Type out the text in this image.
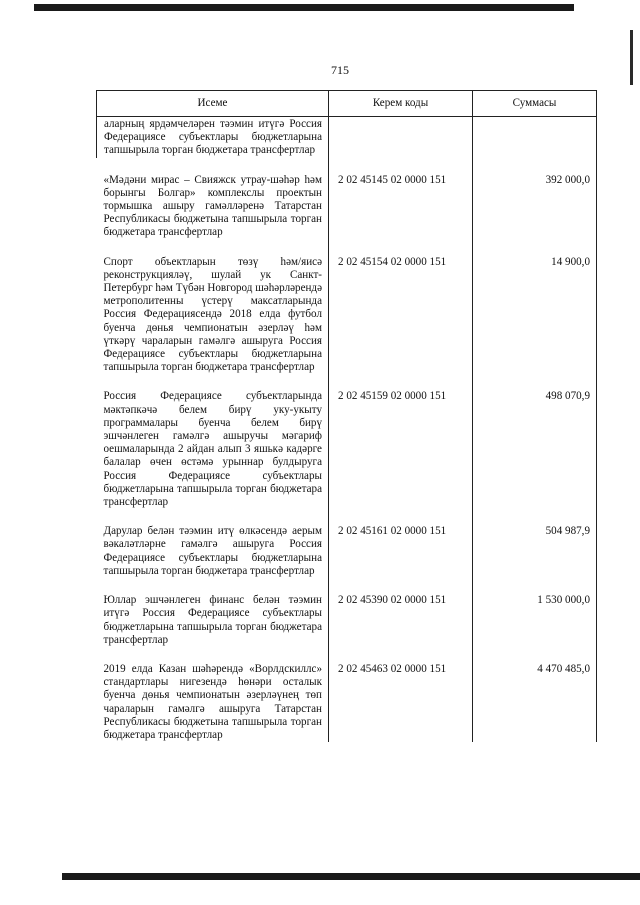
715
Исеме	Керем коды	Суммасы
аларның ярдәмчеләрен тәэмин итүгә Россия Федерациясе субъектлары бюджетларына тапшырыла торган бюджетара трансфертлар		

«Мәдәни мирас – Свияжск утрау-шәһәр һәм борынгы Болгар» комплекслы проектын тормышка ашыру гамәлләренә Татарстан Республикасы бюджетына тапшырыла торган бюджетара трансфертлар	2 02 45145 02 0000 151	392 000,0

Спорт объектларын төзү һәм/яисә реконструкцияләү, шулай ук Санкт-Петербург һәм Түбән Новгород шәһәрләрендә метрополитенны үстерү максатларында Россия Федерациясендә 2018 елда футбол буенча дөнья чемпионатын әзерләү һәм үткәрү чараларын гамәлгә ашыруга Россия Федерациясе субъектлары бюджетларына тапшырыла торган бюджетара трансфертлар	2 02 45154 02 0000 151	14 900,0

Россия Федерациясе субъектларында мәктәпкәчә белем бирү уку-укыту программалары буенча белем бирү эшчәнлеген гамәлгә ашыручы мәгариф оешмаларында 2 айдан алып 3 яшькә кадәрге балалар өчен өстәмә урыннар булдыруга Россия Федерациясе субъектлары бюджетларына тапшырыла торган бюджетара трансфертлар	2 02 45159 02 0000 151	498 070,9

Дарулар белән тәэмин итү өлкәсендә аерым вәкаләтләрне гамәлгә ашыруга Россия Федерациясе субъектлары бюджетларына тапшырыла торган бюджетара трансфертлар	2 02 45161 02 0000 151	504 987,9

Юллар эшчәнлеген финанс белән тәэмин итүгә Россия Федерациясе субъектлары бюджетларына тапшырыла торган бюджетара трансфертлар	2 02 45390 02 0000 151	1 530 000,0

2019 елда Казан шәһәрендә «Ворлдскиллс» стандартлары нигезендә һөнәри осталык буенча дөнья чемпионатын әзерләүнең төп чараларын гамәлгә ашыруга Татарстан Республикасы бюджетына тапшырыла торган бюджетара трансфертлар	2 02 45463 02 0000 151	4 470 485,0
